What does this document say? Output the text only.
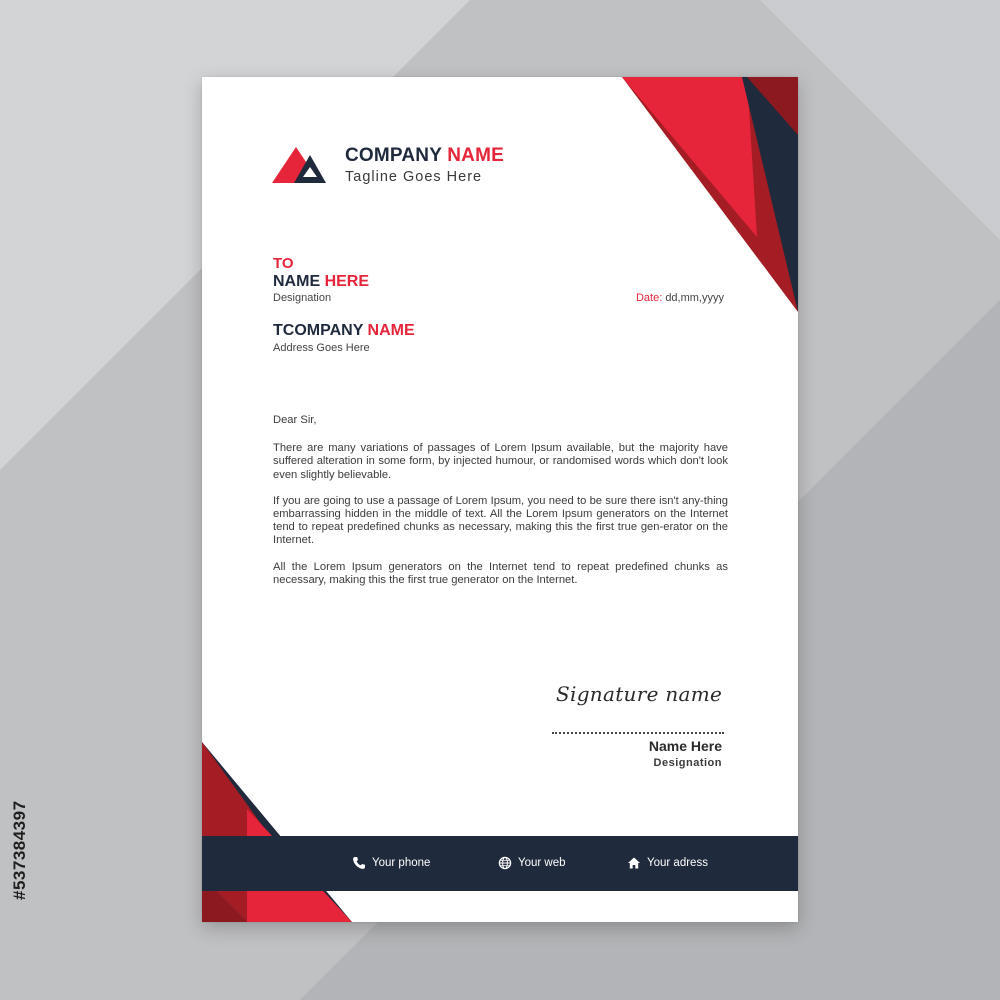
COMPANY NAME
Tagline Goes Here
TO
NAME HERE
Designation	Date: dd,mm,yyyy
TCOMPANY NAME
Address Goes Here

Dear Sir,

There are many variations of passages of Lorem Ipsum available, but the majority have suffered alteration in some form, by injected humour, or randomised words which don't look even slightly believable.

If you are going to use a passage of Lorem Ipsum, you need to be sure there isn't any-thing embarrassing hidden in the middle of text. All the Lorem Ipsum generators on the Internet tend to repeat predefined chunks as necessary, making this the first true gen-erator on the Internet.

All the Lorem Ipsum generators on the Internet tend to repeat predefined chunks as necessary, making this the first true generator on the Internet.

Signature name
Name Here
Designation
Your phone	Your web	Your adress
